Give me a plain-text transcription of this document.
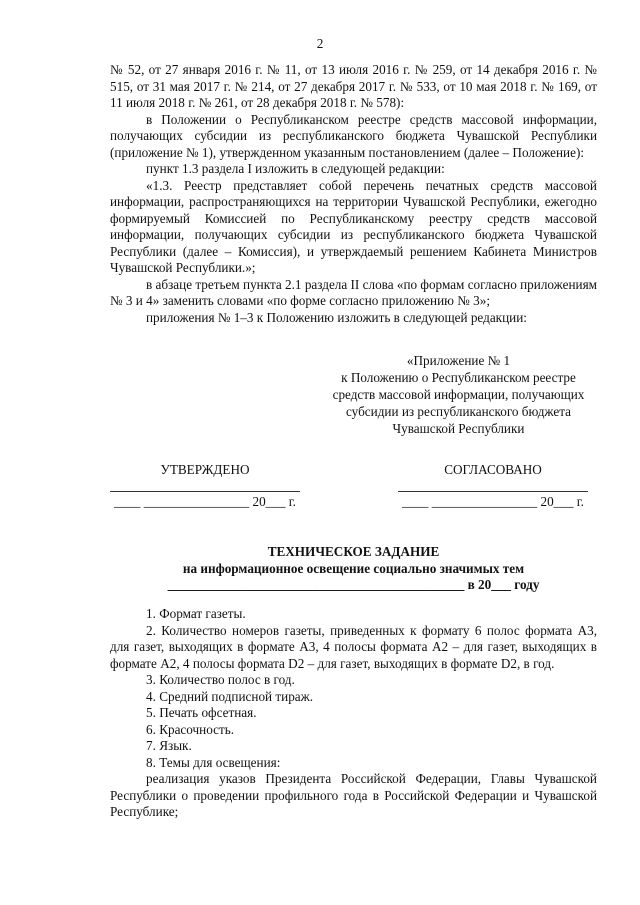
2

№ 52, от 27 января 2016 г. № 11, от 13 июля 2016 г. № 259, от 14 декабря 2016 г. № 515, от 31 мая 2017 г. № 214, от 27 декабря 2017 г. № 533, от 10 мая 2018 г. № 169, от 11 июля 2018 г. № 261, от 28 декабря 2018 г. № 578):

в Положении о Республиканском реестре средств массовой информации, получающих субсидии из республиканского бюджета Чувашской Республики (приложение № 1), утвержденном указанным постановлением (далее – Положение):

пункт 1.3 раздела I изложить в следующей редакции:

«1.3. Реестр представляет собой перечень печатных средств массовой информации, распространяющихся на территории Чувашской Республики, ежегодно формируемый Комиссией по Республиканскому реестру средств массовой информации, получающих субсидии из республиканского бюджета Чувашской Республики (далее – Комиссия), и утверждаемый решением Кабинета Министров Чувашской Республики.»;

в абзаце третьем пункта 2.1 раздела II слова «по формам согласно приложениям № 3 и 4» заменить словами «по форме согласно приложению № 3»;

приложения № 1–3 к Положению изложить в следующей редакции:

«Приложение № 1
к Положению о Республиканском реестре
средств массовой информации, получающих
субсидии из республиканского бюджета
Чувашской Республики
УТВЕРЖДЕНО
____ ________________ 20___ г.
СОГЛАСОВАНО
____ ________________ 20___ г.
ТЕХНИЧЕСКОЕ ЗАДАНИЕ
на информационное освещение социально значимых тем
_____________________________________________ в 20___ году

1. Формат газеты.

2. Количество номеров газеты, приведенных к формату 6 полос формата А3, для газет, выходящих в формате А3, 4 полосы формата А2 – для газет, выходящих в формате А2, 4 полосы формата D2 – для газет, выходящих в формате D2, в год.

3. Количество полос в год.

4. Средний подписной тираж.

5. Печать офсетная.

6. Красочность.

7. Язык.

8. Темы для освещения:

реализация указов Президента Российской Федерации, Главы Чувашской Республики о проведении профильного года в Российской Федерации и Чувашской Республике;
